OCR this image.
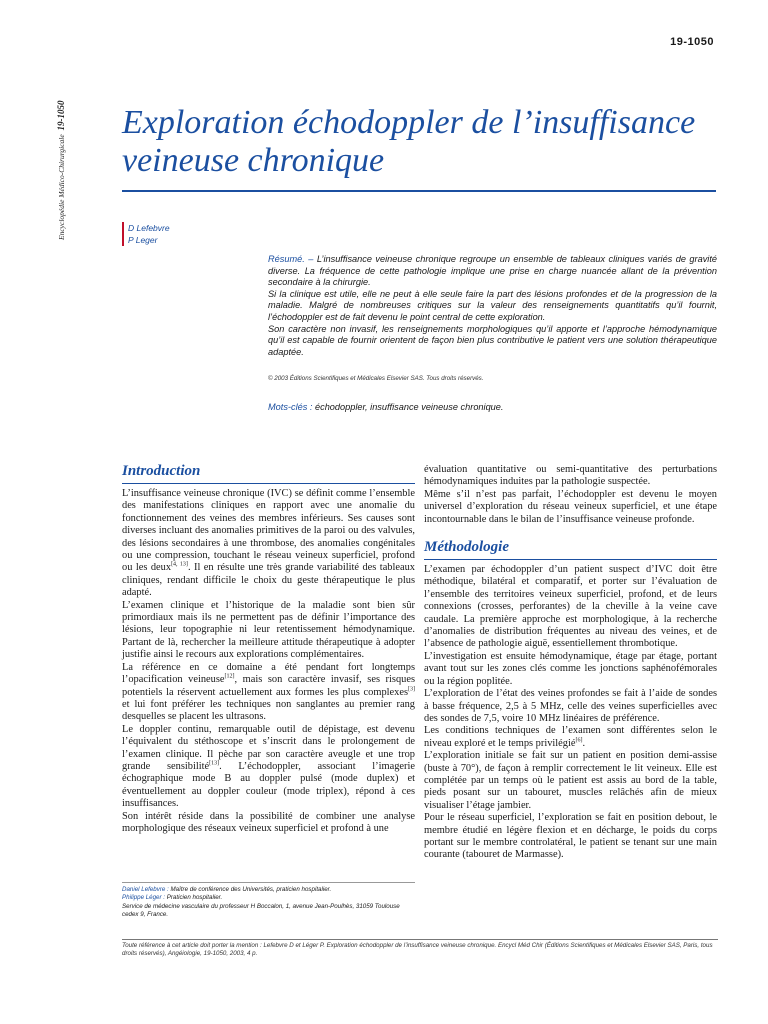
Encyclopédie Médico-Chirurgicale  19-1050
19-1050
Exploration échodoppler de l’insuffisance
veineuse chronique
D Lefebvre
P Leger

Résumé. – L’insuffisance veineuse chronique regroupe un ensemble de tableaux cliniques variés de gravité diverse. La fréquence de cette pathologie implique une prise en charge nuancée allant de la prévention secondaire à la chirurgie.

Si la clinique est utile, elle ne peut à elle seule faire la part des lésions profondes et de la progression de la maladie. Malgré de nombreuses critiques sur la valeur des renseignements quantitatifs qu’il fournit, l’échodoppler est de fait devenu le point central de cette exploration.

Son caractère non invasif, les renseignements morphologiques qu’il apporte et l’approche hémodynamique qu’il est capable de fournir orientent de façon bien plus contributive le patient vers une solution thérapeutique adaptée.

© 2003 Éditions Scientifiques et Médicales Elsevier SAS. Tous droits réservés.
Mots-clés : échodoppler, insuffisance veineuse chronique.
Introduction

L’insuffisance veineuse chronique (IVC) se définit comme l’ensemble des manifestations cliniques en rapport avec une anomalie du fonctionnement des veines des membres inférieurs. Ses causes sont diverses incluant des anomalies primitives de la paroi ou des valvules, des lésions secondaires à une thrombose, des anomalies congénitales ou une compression, touchant le réseau veineux superficiel, profond ou les deux[4, 13]. Il en résulte une très grande variabilité des tableaux cliniques, rendant difficile le choix du geste thérapeutique le plus adapté.

L’examen clinique et l’historique de la maladie sont bien sûr primordiaux mais ils ne permettent pas de définir l’importance des lésions, leur topographie ni leur retentissement hémodynamique. Partant de là, rechercher la meilleure attitude thérapeutique à adopter justifie ainsi le recours aux explorations complémentaires.

La référence en ce domaine a été pendant fort longtemps l’opacification veineuse[12], mais son caractère invasif, ses risques potentiels la réservent actuellement aux formes les plus complexes[3] et lui font préférer les techniques non sanglantes au premier rang desquelles se placent les ultrasons.

Le doppler continu, remarquable outil de dépistage, est devenu l’équivalent du stéthoscope et s’inscrit dans le prolongement de l’examen clinique. Il pèche par son caractère aveugle et une trop grande sensibilité[13]. L’échodoppler, associant l’imagerie échographique mode B au doppler pulsé (mode duplex) et éventuellement au doppler couleur (mode triplex), répond à ces insuffisances.

Son intérêt réside dans la possibilité de combiner une analyse morphologique des réseaux veineux superficiel et profond à une

évaluation quantitative ou semi-quantitative des perturbations hémodynamiques induites par la pathologie suspectée.

Même s’il n’est pas parfait, l’échodoppler est devenu le moyen universel d’exploration du réseau veineux superficiel, et une étape incontournable dans le bilan de l’insuffisance veineuse profonde.

Méthodologie

L’examen par échodoppler d’un patient suspect d’IVC doit être méthodique, bilatéral et comparatif, et porter sur l’évaluation de l’ensemble des territoires veineux superficiel, profond, et de leurs connexions (crosses, perforantes) de la cheville à la veine cave caudale. La première approche est morphologique, à la recherche d’anomalies de distribution fréquentes au niveau des veines, et de l’absence de pathologie aiguë, essentiellement thrombotique.

L’investigation est ensuite hémodynamique, étage par étage, portant avant tout sur les zones clés comme les jonctions saphénofémorales ou la région poplitée.

L’exploration de l’état des veines profondes se fait à l’aide de sondes à basse fréquence, 2,5 à 5 MHz, celle des veines superficielles avec des sondes de 7,5, voire 10 MHz linéaires de préférence.

Les conditions techniques de l’examen sont différentes selon le niveau exploré et le temps privilégié[6].

L’exploration initiale se fait sur un patient en position demi-assise (buste à 70°), de façon à remplir correctement le lit veineux. Elle est complétée par un temps où le patient est assis au bord de la table, pieds posant sur un tabouret, muscles relâchés afin de mieux visualiser l’étage jambier.

Pour le réseau superficiel, l’exploration se fait en position debout, le membre étudié en légère flexion et en décharge, le poids du corps portant sur le membre controlatéral, le patient se tenant sur une main courante (tabouret de Marmasse).

Daniel Lefebvre : Maître de conférence des Universités, praticien hospitalier.
Philippe Léger : Praticien hospitalier.
Service de médecine vasculaire du professeur H Boccalon, 1, avenue Jean-Poulhès, 31059 Toulouse cedex 9, France.
Toute référence à cet article doit porter la mention : Lefebvre D et Léger P. Exploration échodoppler de l’insuffisance veineuse chronique. Encycl Méd Chir (Éditions Scientifiques et Médicales Elsevier SAS, Paris, tous droits réservés), Angéiologie, 19-1050, 2003, 4 p.
